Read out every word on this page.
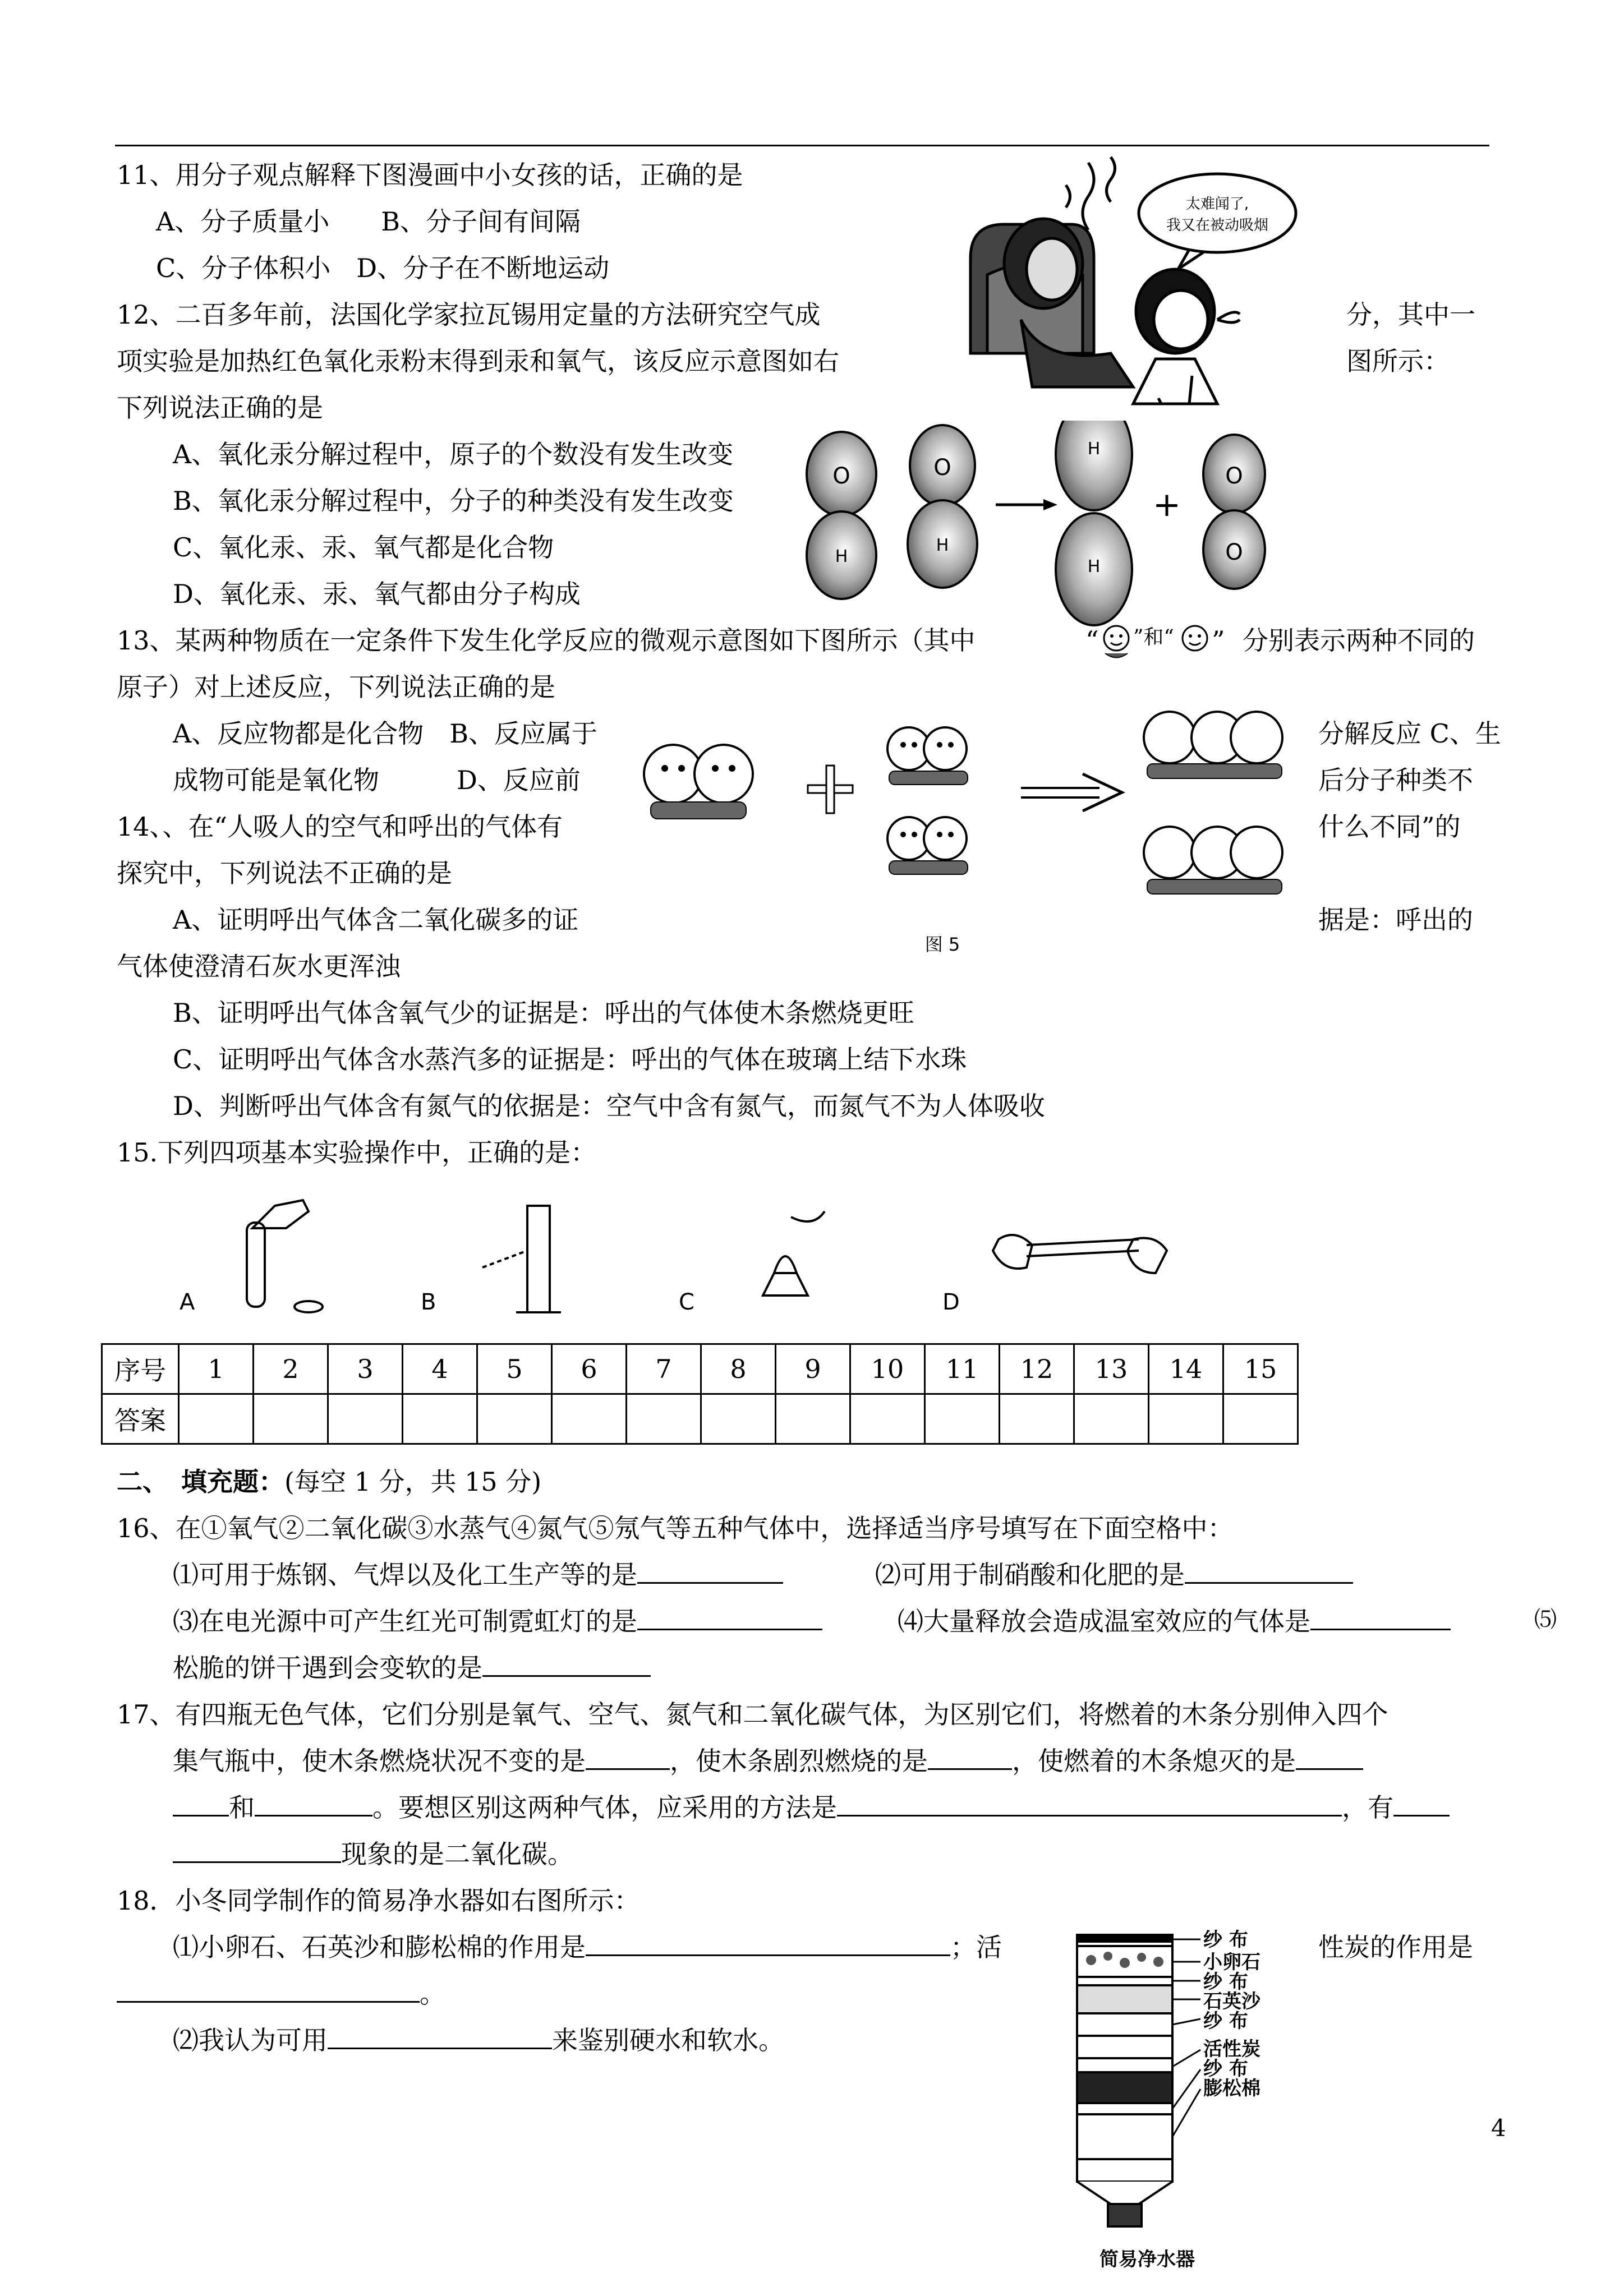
11、用分子观点解释下图漫画中小女孩的话，正确的是
A、分子质量小　　B、分子间有间隔
C、分子体积小　D、分子在不断地运动
太难闻了,
我又在被动吸烟
12、二百多年前，法国化学家拉瓦锡用定量的方法研究空气成	分，其中一
项实验是加热红色氧化汞粉末得到汞和氧气，该反应示意图如右	图所示：
下列说法正确的是
A、氧化汞分解过程中，原子的个数没有发生改变
B、氧化汞分解过程中，分子的种类没有发生改变
C、氧化汞、汞、氧气都是化合物
D、氧化汞、汞、氧气都由分子构成
O
H
O
H
H
H
O
O
+
13、某两种物质在一定条件下发生化学反应的微观示意图如下图所示（其中	“ ”和“ ” 分别表示两种不同的
原子）对上述反应，下列说法正确的是
A、反应物都是化合物　B、反应属于	分解反应 C、生
成物可能是氧化物　　　D、反应前	后分子种类不
图 5
14、、在“人吸人的空气和呼出的气体有	什么不同”的
探究中，下列说法不正确的是
A、证明呼出气体含二氧化碳多的证	据是：呼出的
气体使澄清石灰水更浑浊
B、证明呼出气体含氧气少的证据是：呼出的气体使木条燃烧更旺
C、证明呼出气体含水蒸汽多的证据是：呼出的气体在玻璃上结下水珠
D、判断呼出气体含有氮气的依据是：空气中含有氮气，而氮气不为人体吸收
15.下列四项基本实验操作中，正确的是：
A	B	C	D
序号	1	2	3	4	5	6	7	8	9	10	11	12	13	14	15
答案															
二、　填充题：(每空 1 分，共 15 分)
16、在①氧气②二氧化碳③水蒸气④氮气⑤氖气等五种气体中，选择适当序号填写在下面空格中：
⑴可用于炼钢、气焊以及化工生产等的是	⑵可用于制硝酸和化肥的是
⑶在电光源中可产生红光可制霓虹灯的是	⑷大量释放会造成温室效应的气体是	⑸
松脆的饼干遇到会变软的是
17、有四瓶无色气体，它们分别是氧气、空气、氮气和二氧化碳气体，为区别它们，将燃着的木条分别伸入四个
集气瓶中，使木条燃烧状况不变的是	，使木条剧烈燃烧的是	，使燃着的木条熄灭的是
和	。要想区别这两种气体，应采用的方法是	，有
现象的是二氧化碳。
18．小冬同学制作的简易净水器如右图所示：
⑴小卵石、石英沙和膨松棉的作用是	；活	性炭的作用是
。
⑵我认为可用	来鉴别硬水和软水。
纱 布
小卵石
纱 布
石英沙
纱 布
活性炭
纱 布
膨松棉
简易净水器
4
